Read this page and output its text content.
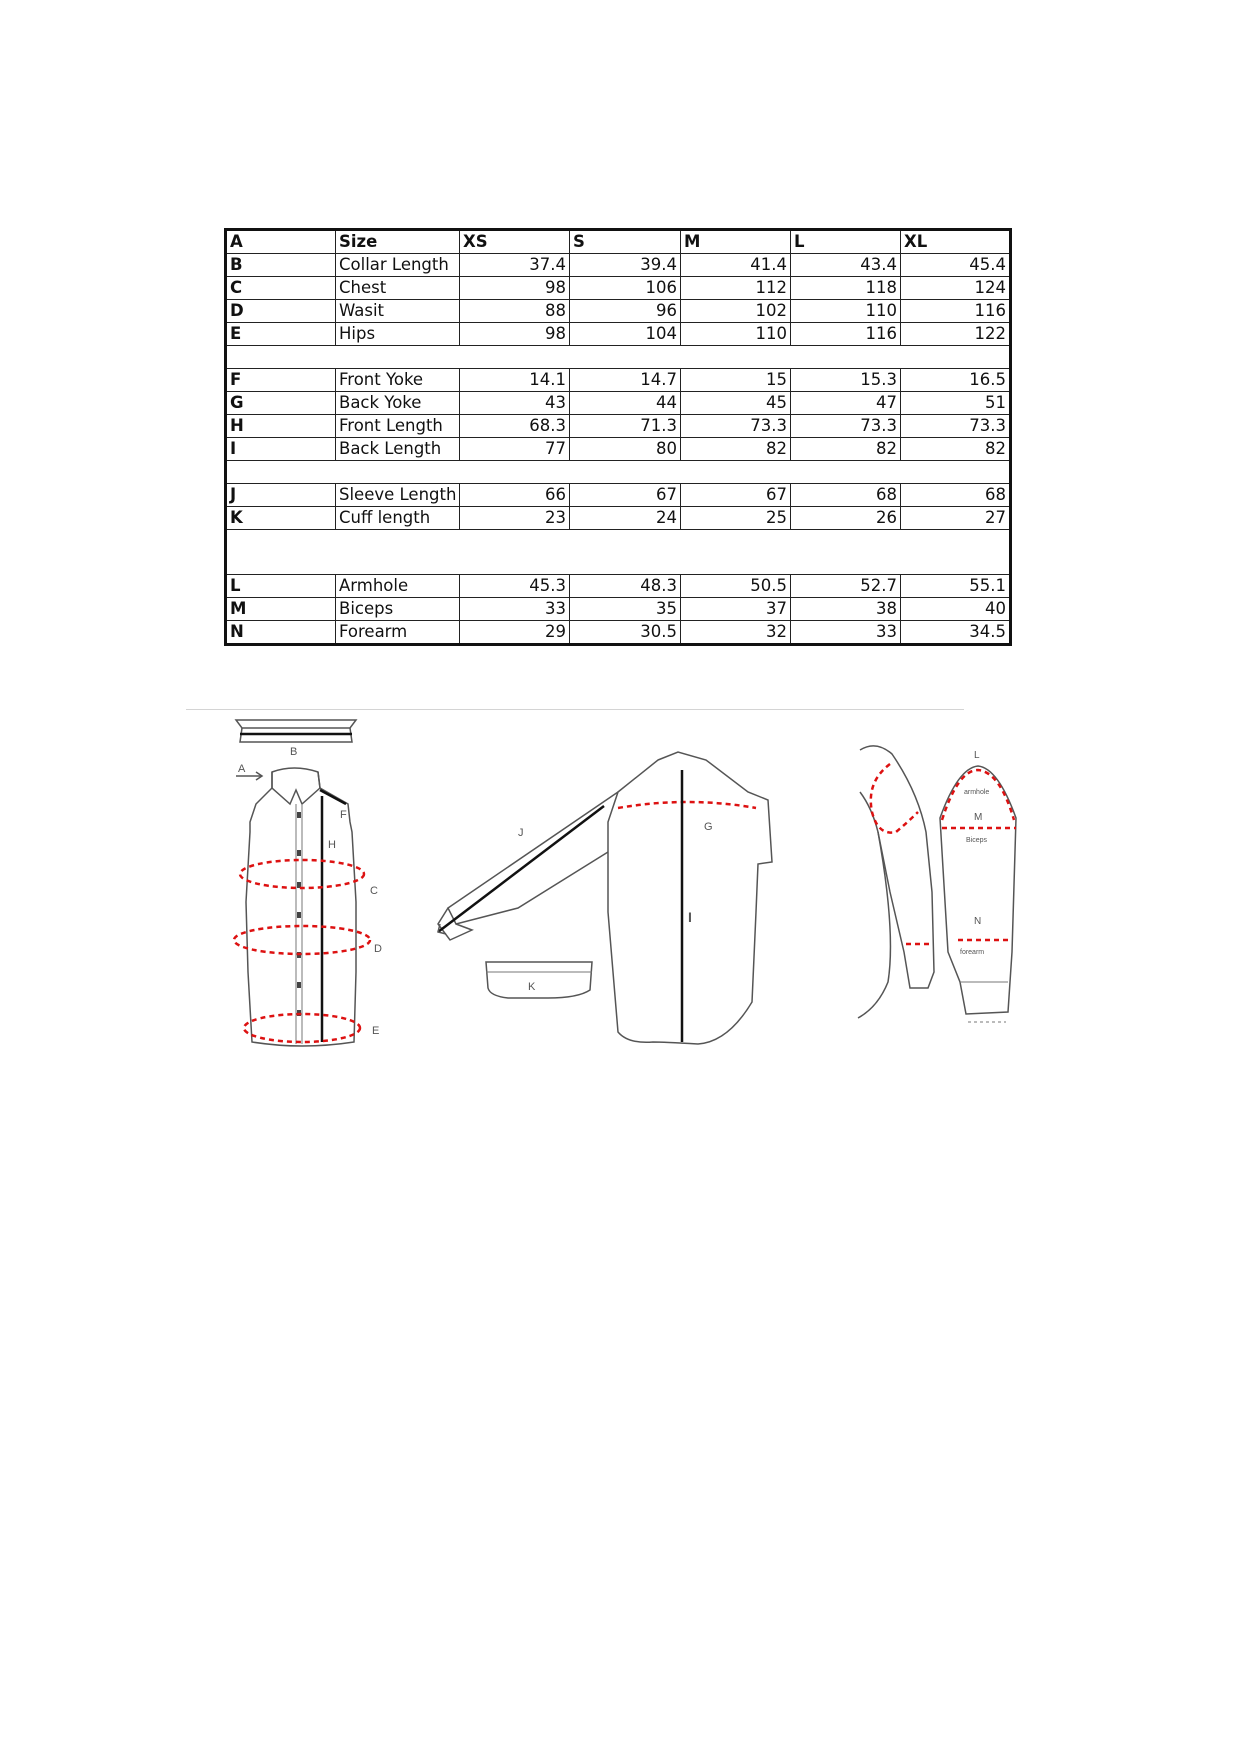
A	Size	XS	S	M	L	XL
B	Collar Length	37.4	39.4	41.4	43.4	45.4
C	Chest	98	106	112	118	124
D	Wasit	88	96	102	110	116
E	Hips	98	104	110	116	122

F	Front Yoke	14.1	14.7	15	15.3	16.5
G	Back Yoke	43	44	45	47	51
H	Front Length	68.3	71.3	73.3	73.3	73.3
I	Back Length	77	80	82	82	82

J	Sleeve Length	66	67	67	68	68
K	Cuff length	23	24	25	26	27

L	Armhole	45.3	48.3	50.5	52.7	55.1
M	Biceps	33	35	37	38	40
N	Forearm	29	30.5	32	33	34.5
B
A
H
F
C
D
E
G
I
J
K
L
armhole
M
Biceps
N
forearm
